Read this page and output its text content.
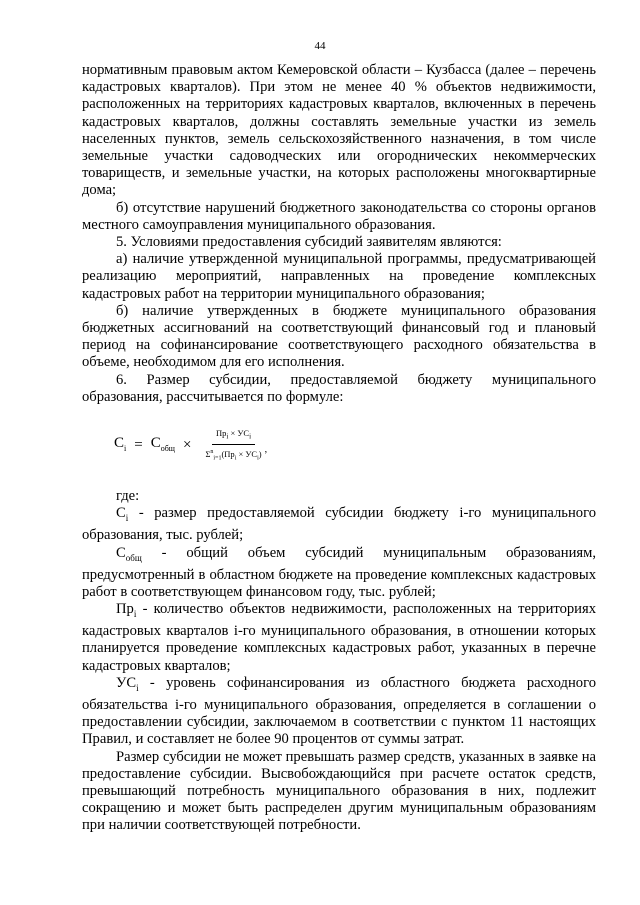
44

нормативным правовым актом Кемеровской области – Кузбасса (далее – перечень кадастровых кварталов). При этом не менее 40 % объектов недвижимости, расположенных на территориях кадастровых кварталов, включенных в перечень кадастровых кварталов, должны составлять земельные участки из земель населенных пунктов, земель сельскохозяйственного назначения, в том числе земельные участки садоводческих или огороднических некоммерческих товариществ, и земельные участки, на которых расположены многоквартирные дома;

б) отсутствие нарушений бюджетного законодательства со стороны органов местного самоуправления муниципального образования.

5. Условиями предоставления субсидий заявителям являются:

а) наличие утвержденной муниципальной программы, предусматривающей реализацию мероприятий, направленных на проведение комплексных кадастровых работ на территории муниципального образования;

б) наличие утвержденных в бюджете муниципального образования бюджетных ассигнований на соответствующий финансовый год и плановый период на софинансирование соответствующего расходного обязательства в объеме, необходимом для его исполнения.

6. Размер субсидии, предоставляемой бюджету муниципального образования, рассчитывается по формуле:

$С_i = С_{общ} \times \frac{Пр_i \times УС_i}{\Sigma^n_{i=1}(Пр_i \times УС_i)}$ ,

где:

$С_i$ - размер предоставляемой субсидии бюджету i-го муниципального образования, тыс. рублей;

$С_{общ}$ - общий объем субсидий муниципальным образованиям, предусмотренный в областном бюджете на проведение комплексных кадастровых работ в соответствующем финансовом году, тыс. рублей;

$Пр_i$ - количество объектов недвижимости, расположенных на территориях кадастровых кварталов i-го муниципального образования, в отношении которых планируется проведение комплексных кадастровых работ, указанных в перечне кадастровых кварталов;

$УС_i$ - уровень софинансирования из областного бюджета расходного обязательства i-го муниципального образования, определяется в соглашении о предоставлении субсидии, заключаемом в соответствии с пунктом 11 настоящих Правил, и составляет не более 90 процентов от суммы затрат.

Размер субсидии не может превышать размер средств, указанных в заявке на предоставление субсидии. Высвобождающийся при расчете остаток средств, превышающий потребность муниципального образования в них, подлежит сокращению и может быть распределен другим муниципальным образованиям при наличии соответствующей потребности.
